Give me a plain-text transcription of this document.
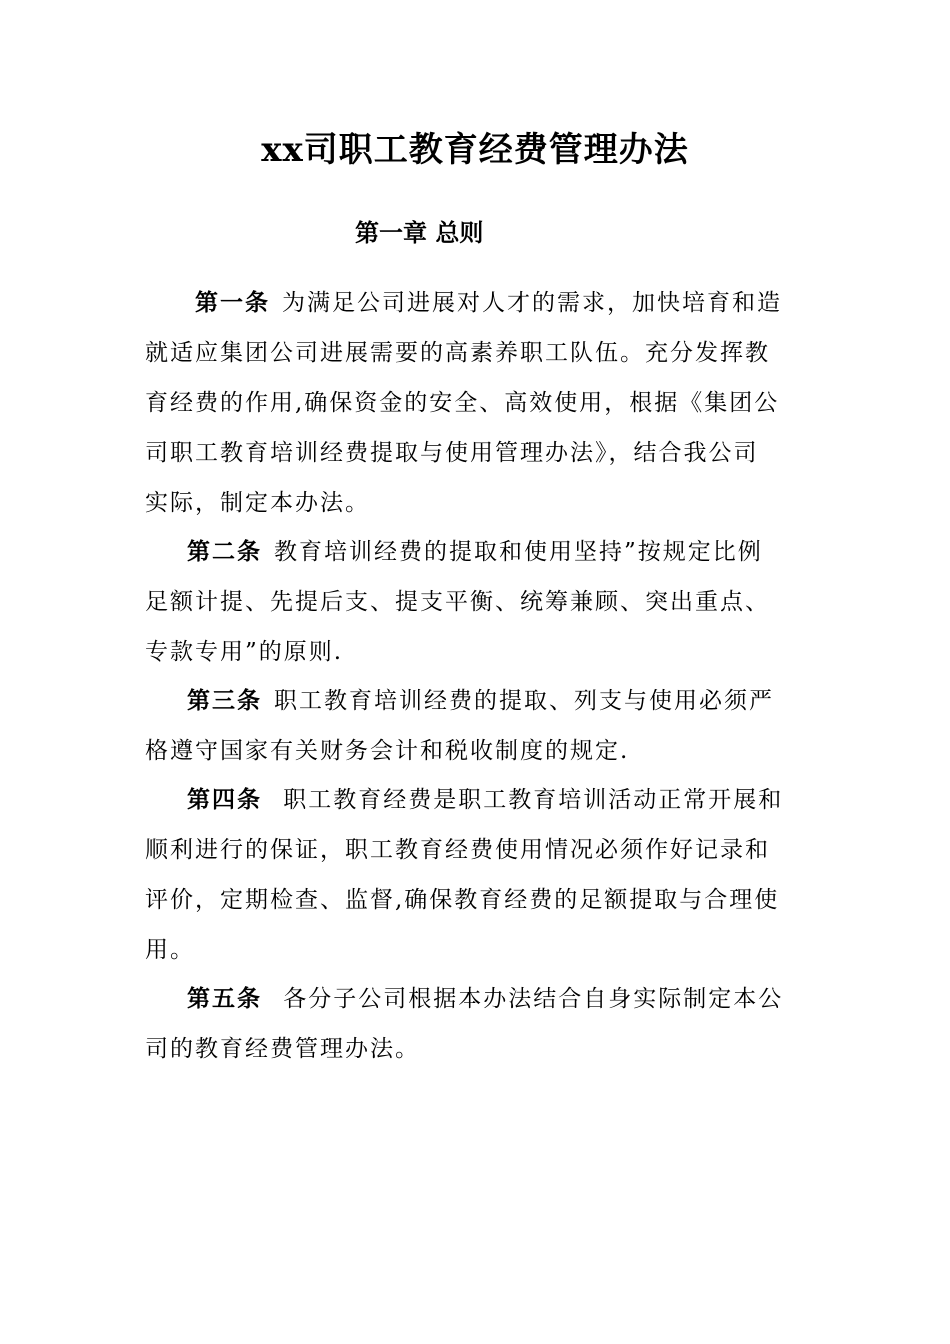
xx司职工教育经费管理办法
第一章 总则
第一条 为满足公司进展对人才的需求，加快培育和造
就适应集团公司进展需要的高素养职工队伍。充分发挥教
育经费的作用,确保资金的安全、高效使用，根据《集团公
司职工教育培训经费提取与使用管理办法》，结合我公司
实际，制定本办法。
第二条 教育培训经费的提取和使用坚持”按规定比例
足额计提、先提后支、提支平衡、统筹兼顾、突出重点、
专款专用”的原则.
第三条 职工教育培训经费的提取、列支与使用必须严
格遵守国家有关财务会计和税收制度的规定.
第四条 职工教育经费是职工教育培训活动正常开展和
顺利进行的保证，职工教育经费使用情况必须作好记录和
评价，定期检查、监督,确保教育经费的足额提取与合理使
用。
第五条 各分子公司根据本办法结合自身实际制定本公
司的教育经费管理办法。
